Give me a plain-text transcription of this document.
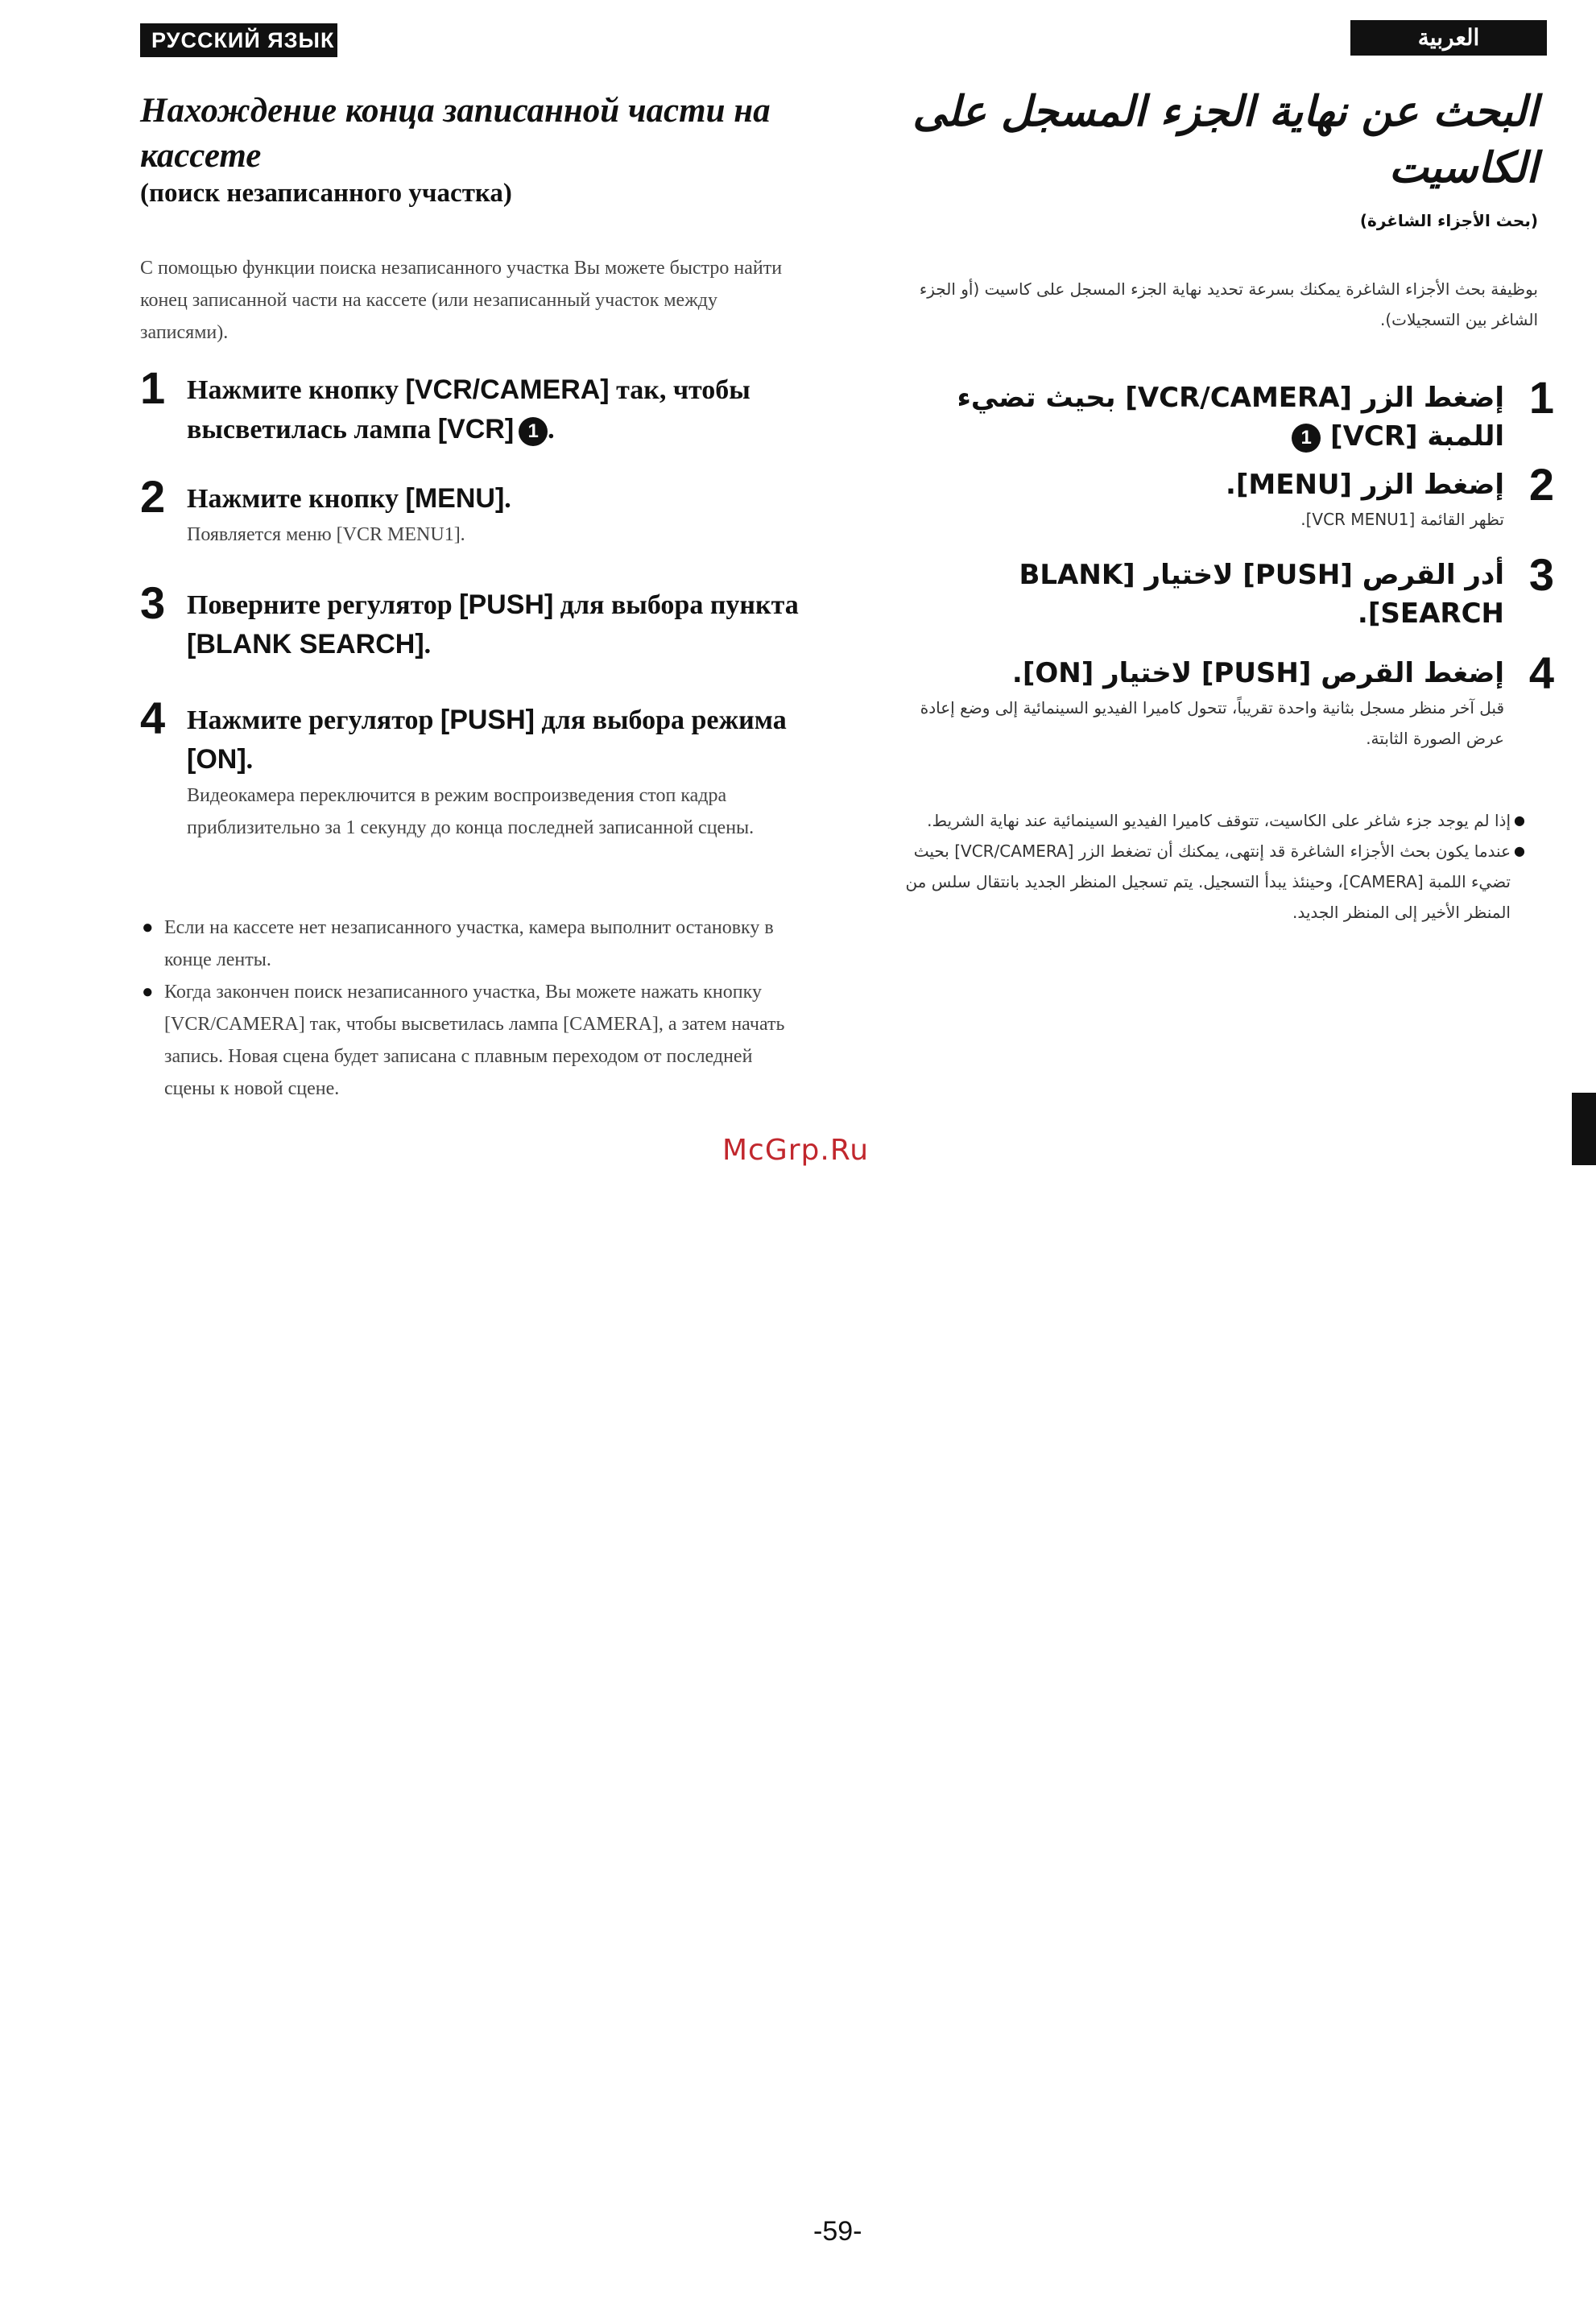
РУССКИЙ ЯЗЫК	العربية
Нахождение конца записанной части на кассете
(поиск незаписанного участка)
С помощью функции поиска незаписанного участка Вы можете быстро найти конец записанной части на кассете (или незаписанный участок между записями).
1 Нажмите кнопку [VCR/CAMERA] так, чтобы высветилась лампа [VCR] 1 .
2 Нажмите кнопку [MENU].
Появляется меню [VCR MENU1].
3 Поверните регулятор [PUSH] для выбора пункта [BLANK SEARCH].
4 Нажмите регулятор [PUSH] для выбора режима [ON].
Видеокамера переключится в режим воспроизведения стоп кадра приблизительно за 1 секунду до конца последней записанной сцены.
● Если на кассете нет незаписанного участка, камера выполнит остановку в конце ленты.
● Когда закончен поиск незаписанного участка, Вы можете нажать кнопку [VCR/CAMERA] так, чтобы высветилась лампа [CAMERA], а затем начать запись. Новая сцена будет записана с плавным переходом от последней сцены к новой сцене.
البحث عن نهاية الجزء المسجل على الكاسيت
(بحث الأجزاء الشاغرة)
بوظيفة بحث الأجزاء الشاغرة يمكنك بسرعة تحديد نهاية الجزء المسجل على كاسيت (أو الجزء الشاغر بين التسجيلات).
1
إضغط الزر [VCR/CAMERA] بحيث تضيء اللمبة [VCR] 1
2
إضغط الزر [MENU].
تظهر القائمة [VCR MENU1].
3
أدر القرص [PUSH] لاختيار [BLANK SEARCH].
4
إضغط القرص [PUSH] لاختيار [ON].
قبل آخر منظر مسجل بثانية واحدة تقريباً، تتحول كاميرا الفيديو السينمائية إلى وضع إعادة عرض الصورة الثابتة.
●
إذا لم يوجد جزء شاغر على الكاسيت، تتوقف كاميرا الفيديو السينمائية عند نهاية الشريط.
●
عندما يكون بحث الأجزاء الشاغرة قد إنتهى، يمكنك أن تضغط الزر [VCR/CAMERA] بحيث تضيء اللمبة [CAMERA]، وحينئذ يبدأ التسجيل. يتم تسجيل المنظر الجديد بانتقال سلس من المنظر الأخير إلى المنظر الجديد.
McGrp.Ru
-59-
